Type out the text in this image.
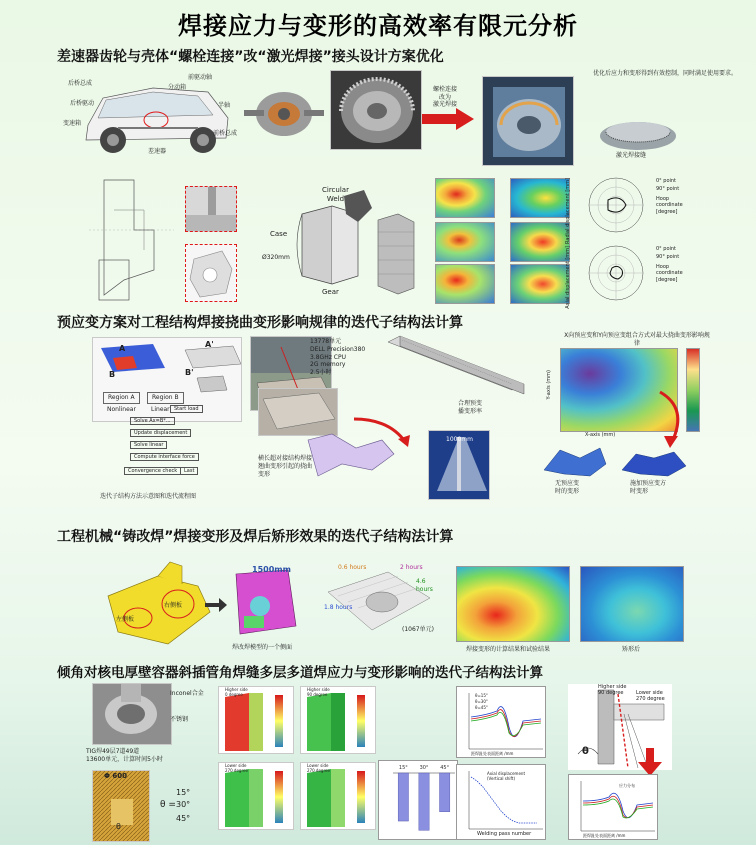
焊接应力与变形的高效率有限元分析
差速器齿轮与壳体“螺栓连接”改“激光焊接”接头设计方案优化
后桥总成
分动箱
变速箱
前桥总成
后桥驱动
差速器
前驱动轴
半轴
螺栓连接
改为
激光焊接
优化后应力和变形得到有效控制，同时满足使用要求。
激光焊接缝
Circular
Weld
Case
Gear
Ø320mm
0° point
90° point
Hoop
coordinate
[degree]
Radial displacement [mm]
0° point
90° point
Hoop
coordinate
[degree]
Axial displacement [mm]
预应变方案对工程结构焊接挠曲变形影响规律的迭代子结构法计算
A
B
A'
B'
Region A	Region B
Nonlinear	Linear Start load
Solve Ax=B*...
Update displacement
Solve linear
Compute interface force
Convergence check	Last
迭代子结构方法示意图和迭代流程图
13778单元
DELL Precision380
3.8GHz CPU
2G memory
2.5小时
横长超对接结构焊接翘曲变形引起的挠曲变形
1000mm
合理预变
播变形率
X向预应变和Y向预应变组合方式对最大挠曲变形影响规律
X-axis (mm)
Y-axis (mm)
无预应变
时的变形
施加预应变方
时变形
工程机械“铸改焊”焊接变形及焊后矫形效果的迭代子结构法计算
左侧板
右侧板
1500mm
焊改焊模型的一个侧面
0.6 hours	2 hours
4.6 hours
1.8 hours
(1067单元)
焊接变形的计算结果和试验结果	矫形后
倾角对核电厚壁容器斜插管角焊缝多层多道焊应力与变形影响的迭代子结构法计算
Inconel合金
不锈钢
TIG焊49层7道49道
13600单元，计算时间5小时
Φ 600
θ
θ =
15°
30°
45°
Higher side
0 degree
Lower side
270 degree
Higher side
90 degree
Lower side
270 degree	15° 30° 45°
θ=15°
θ=30°
θ=45°
距焊趾处表面距离 /mm
Axial displacement
(Vertical shift)
Welding pass number
Higher side
90 degree	Lower side
270 degree
θ
应力分布
距焊趾处表面距离 /mm
